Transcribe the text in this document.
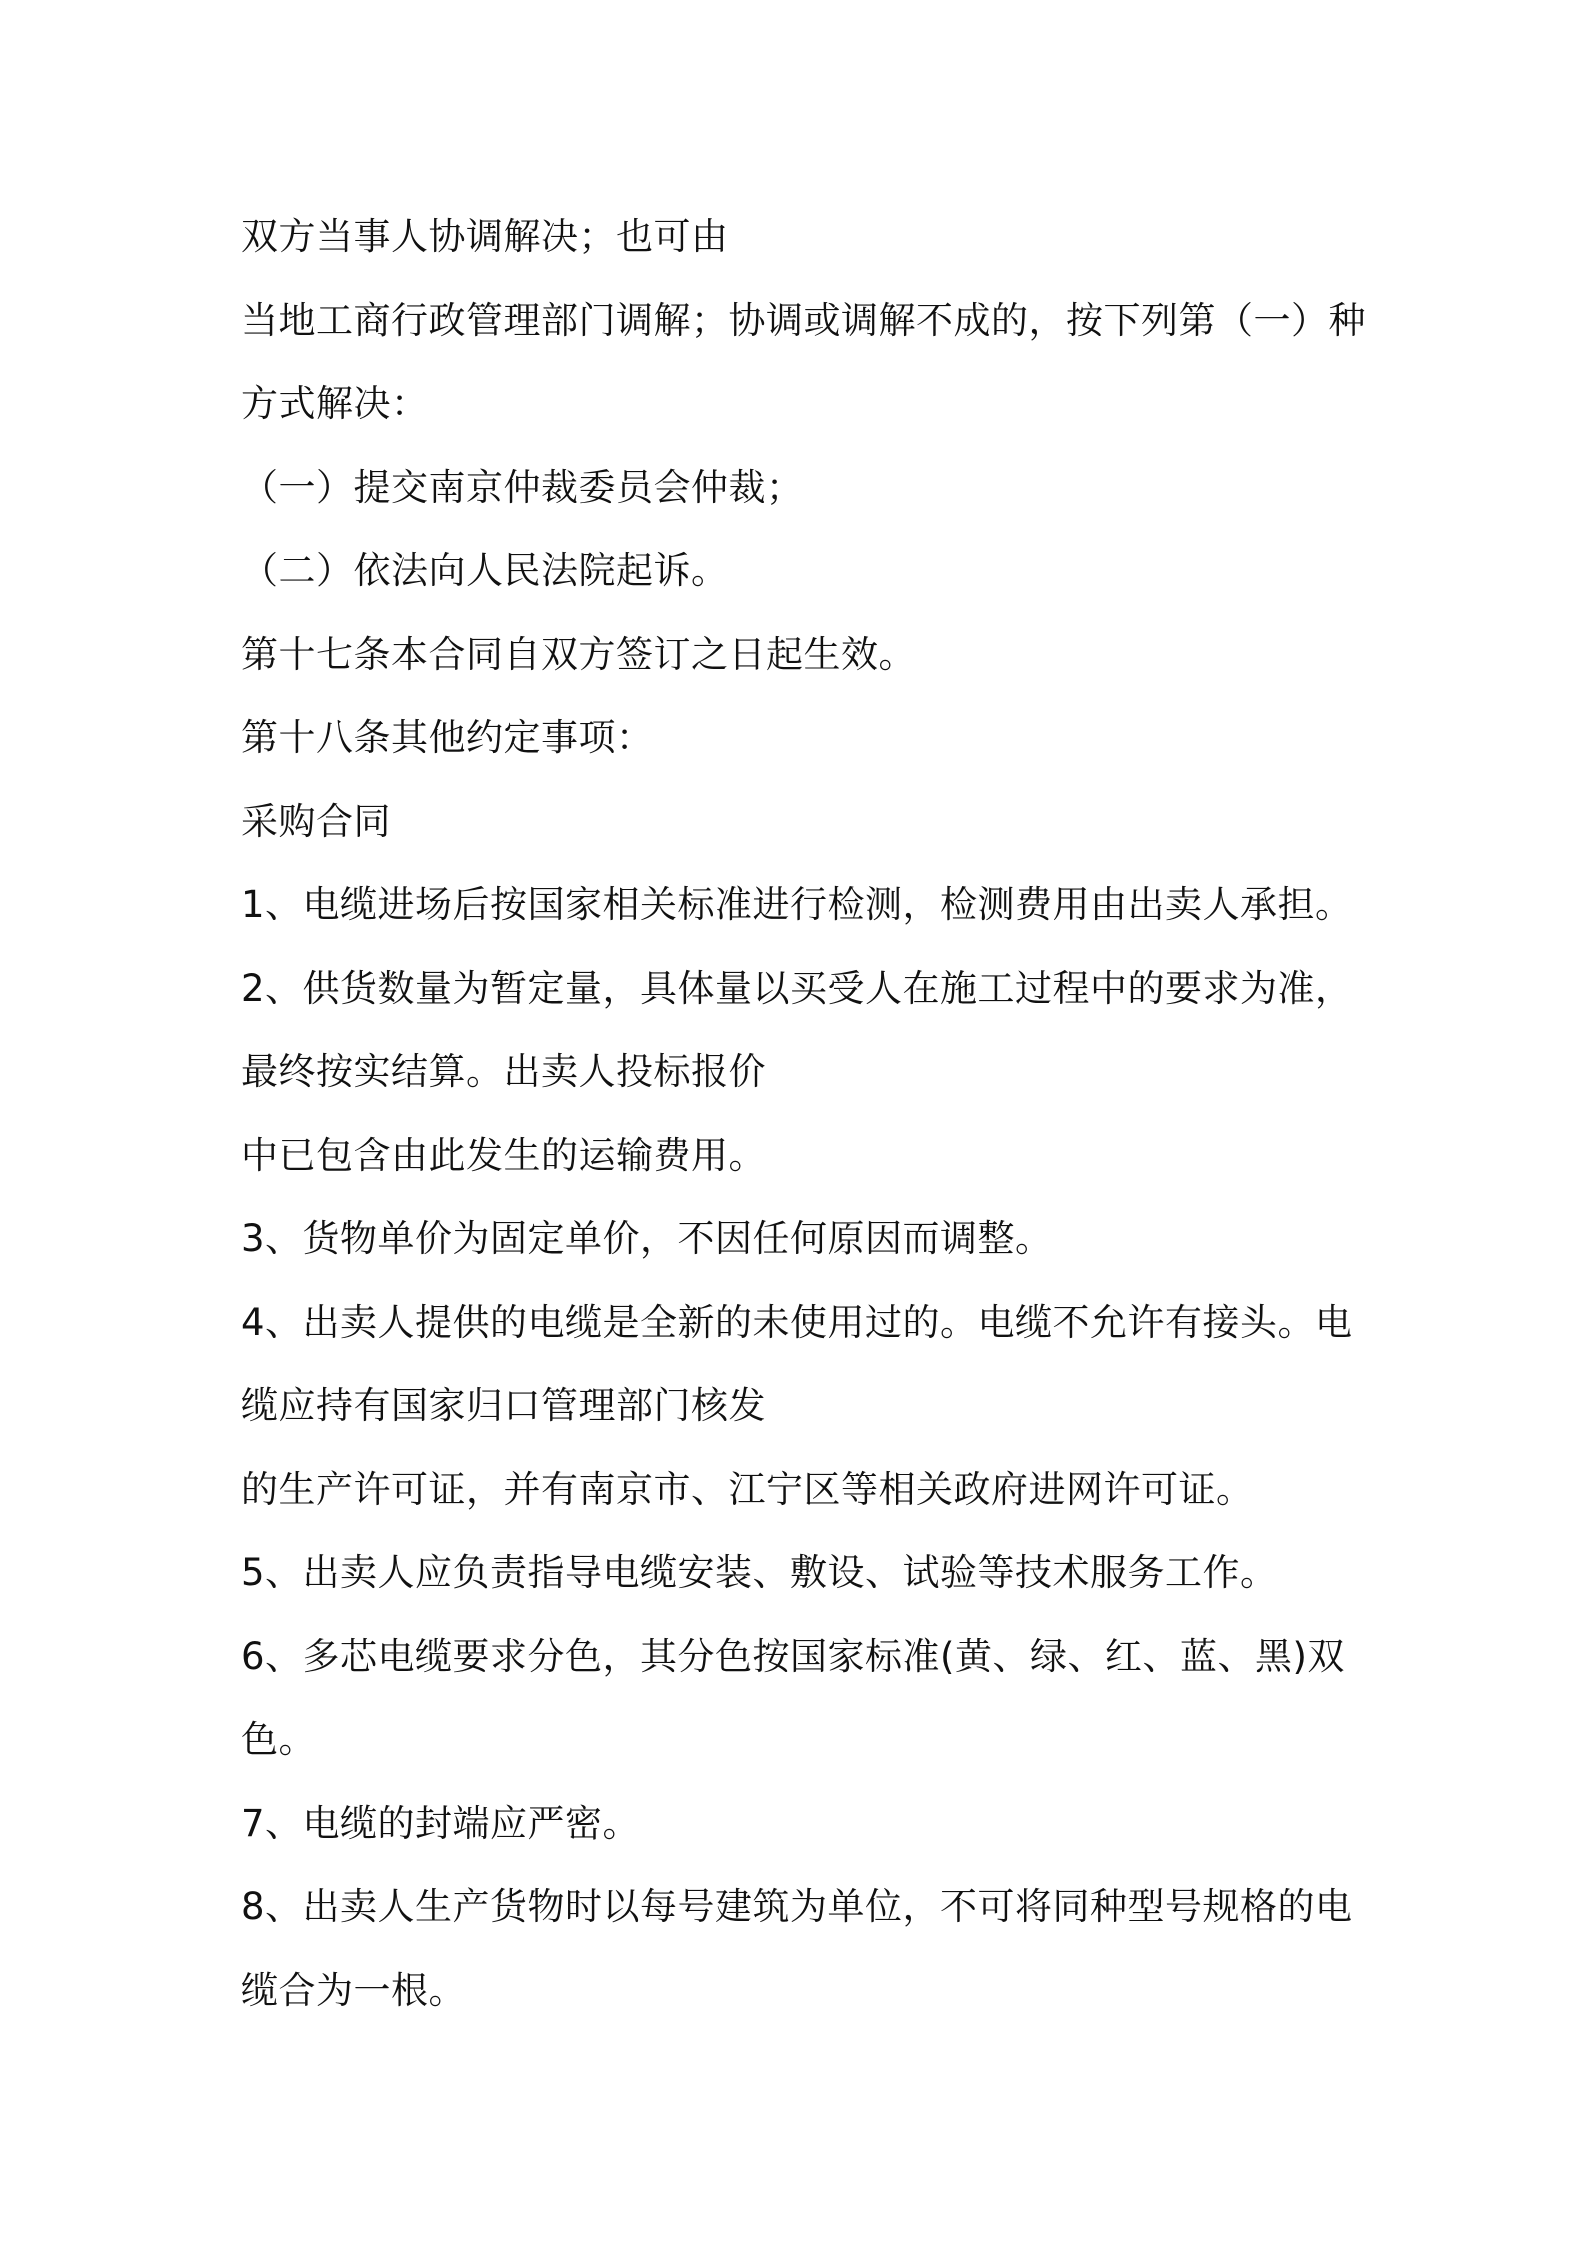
双方当事人协调解决；也可由
当地工商行政管理部门调解；协调或调解不成的，按下列第（一）种
方式解决：
（一）提交南京仲裁委员会仲裁；
（二）依法向人民法院起诉。
第十七条本合同自双方签订之日起生效。
第十八条其他约定事项：
采购合同
1、电缆进场后按国家相关标准进行检测，检测费用由出卖人承担。
2、供货数量为暂定量，具体量以买受人在施工过程中的要求为准，
最终按实结算。出卖人投标报价
中已包含由此发生的运输费用。
3、货物单价为固定单价，不因任何原因而调整。
4、出卖人提供的电缆是全新的未使用过的。电缆不允许有接头。电
缆应持有国家归口管理部门核发
的生产许可证，并有南京市、江宁区等相关政府进网许可证。
5、出卖人应负责指导电缆安装、敷设、试验等技术服务工作。
6、多芯电缆要求分色，其分色按国家标准(黄、绿、红、蓝、黑)双
色。
7、电缆的封端应严密。
8、出卖人生产货物时以每号建筑为单位，不可将同种型号规格的电
缆合为一根。
